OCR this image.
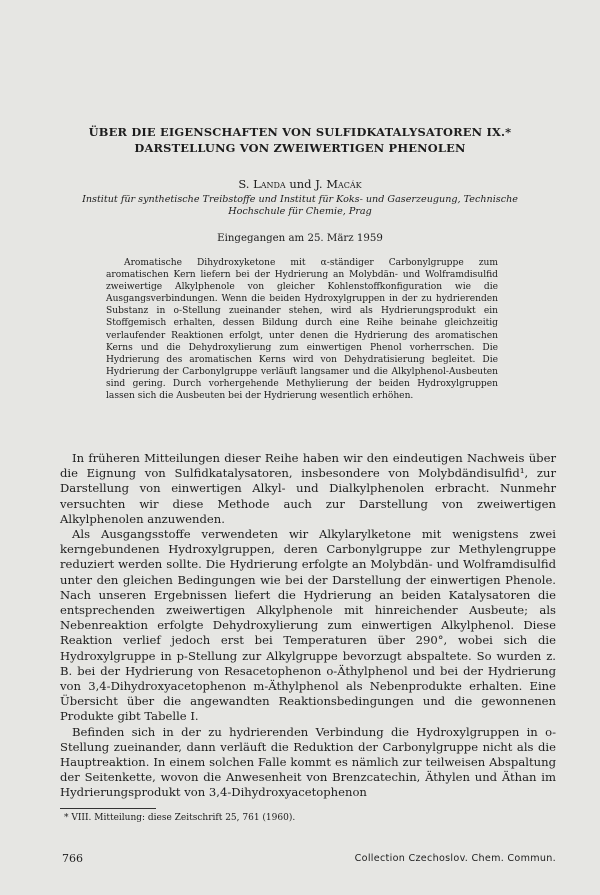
ÜBER DIE EIGENSCHAFTEN VON SULFIDKATALYSATOREN IX.*
DARSTELLUNG VON ZWEIWERTIGEN PHENOLEN
S. Landa und J. Macák
Institut für synthetische Treibstoffe und Institut für Koks- und Gaserzeugung, Technische Hochschule für Chemie, Prag
Eingegangen am 25. März 1959
Aromatische Dihydroxyketone mit α-ständiger Carbonylgruppe zum aromatischen Kern liefern bei der Hydrierung an Molybdän- und Wolframdisulfid zweiwertige Alkylphenole von gleicher Kohlenstoffkonfiguration wie die Ausgangsverbindungen. Wenn die beiden Hydroxylgruppen in der zu hydrierenden Substanz in o-Stellung zueinander stehen, wird als Hydrierungsprodukt ein Stoffgemisch erhalten, dessen Bildung durch eine Reihe beinahe gleichzeitig verlaufender Reaktionen erfolgt, unter denen die Hydrierung des aromatischen Kerns und die Dehydroxylierung zum einwertigen Phenol vorherrschen. Die Hydrierung des aromatischen Kerns wird von Dehydratisierung begleitet. Die Hydrierung der Carbonylgruppe verläuft langsamer und die Alkylphenol-Ausbeuten sind gering. Durch vorhergehende Methylierung der beiden Hydroxylgruppen lassen sich die Ausbeuten bei der Hydrierung wesentlich erhöhen.

In früheren Mitteilungen dieser Reihe haben wir den eindeutigen Nachweis über die Eignung von Sulfidkatalysatoren, insbesondere von Molybdändisulfid¹, zur Darstellung von einwertigen Alkyl- und Dialkylphenolen erbracht. Nunmehr versuchten wir diese Methode auch zur Darstellung von zweiwertigen Alkylphenolen anzuwenden.

Als Ausgangsstoffe verwendeten wir Alkylarylketone mit wenigstens zwei kerngebundenen Hydroxylgruppen, deren Carbonylgruppe zur Methylengruppe reduziert werden sollte. Die Hydrierung erfolgte an Molybdän- und Wolframdisulfid unter den gleichen Bedingungen wie bei der Darstellung der einwertigen Phenole. Nach unseren Ergebnissen liefert die Hydrierung an beiden Katalysatoren die entsprechenden zweiwertigen Alkylphenole mit hinreichender Ausbeute; als Nebenreaktion erfolgte Dehydroxylierung zum einwertigen Alkylphenol. Diese Reaktion verlief jedoch erst bei Temperaturen über 290°, wobei sich die Hydroxylgruppe in p-Stellung zur Alkylgruppe bevorzugt abspaltete. So wurden z. B. bei der Hydrierung von Resacetophenon o-Äthylphenol und bei der Hydrierung von 3,4-Dihydroxyacetophenon m-Äthylphenol als Nebenprodukte erhalten. Eine Übersicht über die angewandten Reaktionsbedingungen und die gewonnenen Produkte gibt Tabelle I.

Befinden sich in der zu hydrierenden Verbindung die Hydroxylgruppen in o-Stellung zueinander, dann verläuft die Reduktion der Carbonylgruppe nicht als die Hauptreaktion. In einem solchen Falle kommt es nämlich zur teilweisen Abspaltung der Seitenkette, wovon die Anwesenheit von Brenzcatechin, Äthylen und Äthan im Hydrierungsprodukt von 3,4-Dihydroxyacetophenon

* VIII. Mitteilung: diese Zeitschrift 25, 761 (1960).
766	Collection Czechoslov. Chem. Commun.
